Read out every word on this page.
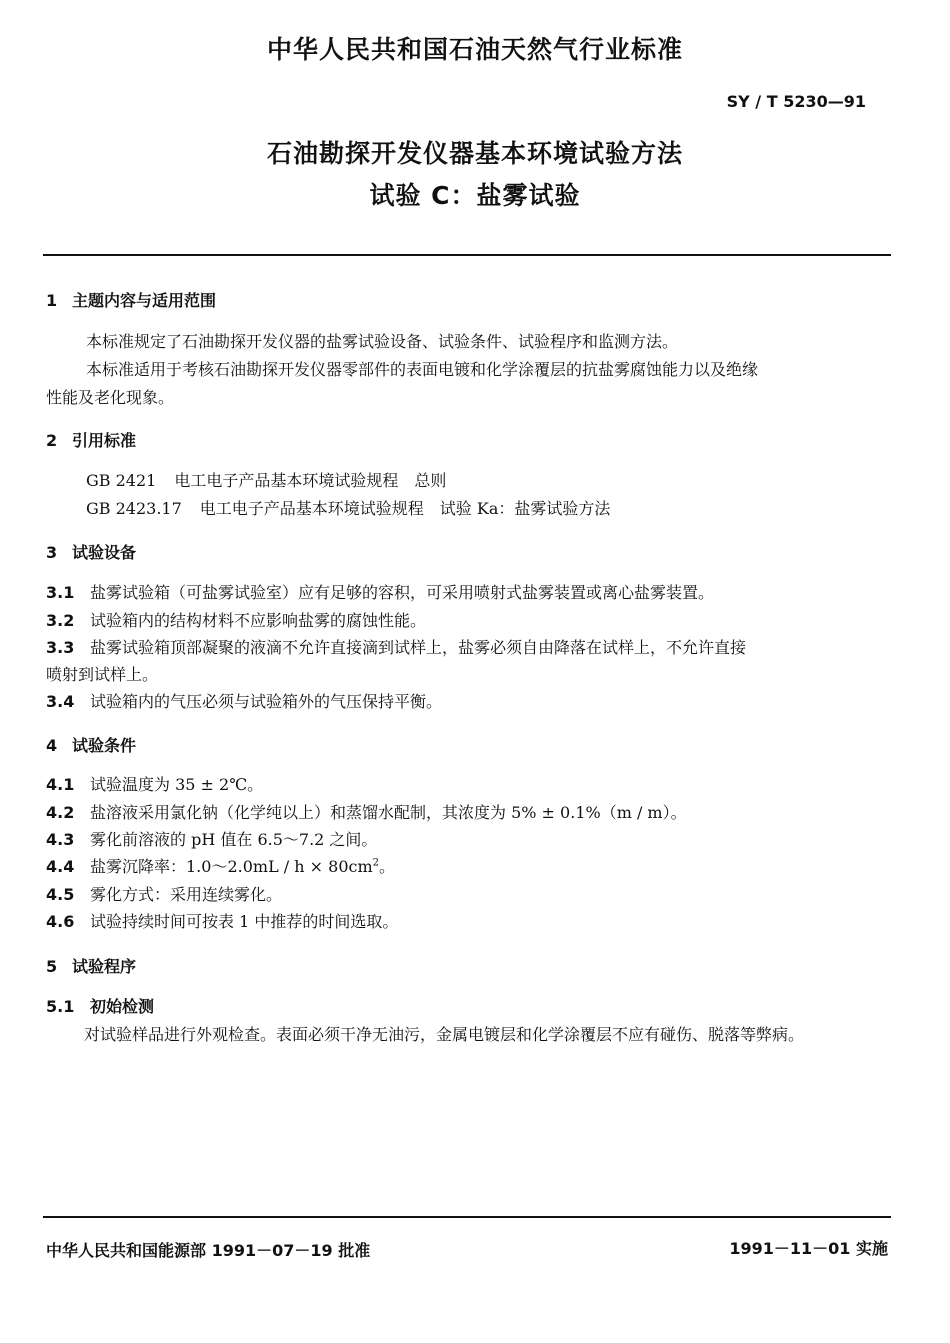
中华人民共和国石油天然气行业标准
SY / T 5230—91
石油勘探开发仪器基本环境试验方法
试验 C：盐雾试验
1 主题内容与适用范围
本标准规定了石油勘探开发仪器的盐雾试验设备、试验条件、试验程序和监测方法。
本标准适用于考核石油勘探开发仪器零部件的表面电镀和化学涂覆层的抗盐雾腐蚀能力以及绝缘
性能及老化现象。
2 引用标准
GB 2421 电工电子产品基本环境试验规程　总则
GB 2423.17 电工电子产品基本环境试验规程　试验 Ka：盐雾试验方法
3 试验设备
3.1 盐雾试验箱（可盐雾试验室）应有足够的容积，可采用喷射式盐雾装置或离心盐雾装置。
3.2 试验箱内的结构材料不应影响盐雾的腐蚀性能。
3.3 盐雾试验箱顶部凝聚的液滴不允许直接滴到试样上，盐雾必须自由降落在试样上，不允许直接
喷射到试样上。
3.4 试验箱内的气压必须与试验箱外的气压保持平衡。
4 试验条件
4.1 试验温度为 35 ± 2℃。
4.2 盐溶液采用氯化钠（化学纯以上）和蒸馏水配制，其浓度为 5% ± 0.1%（m / m）。
4.3 雾化前溶液的 pH 值在 6.5～7.2 之间。
4.4 盐雾沉降率：1.0～2.0mL / $h \times 80cm^2$。
4.5 雾化方式：采用连续雾化。
4.6 试验持续时间可按表 1 中推荐的时间选取。
5 试验程序
5.1 初始检测
对试验样品进行外观检查。表面必须干净无油污，金属电镀层和化学涂覆层不应有碰伤、脱落等弊病。
中华人民共和国能源部 1991－07－19 批准	1991－11－01 实施
